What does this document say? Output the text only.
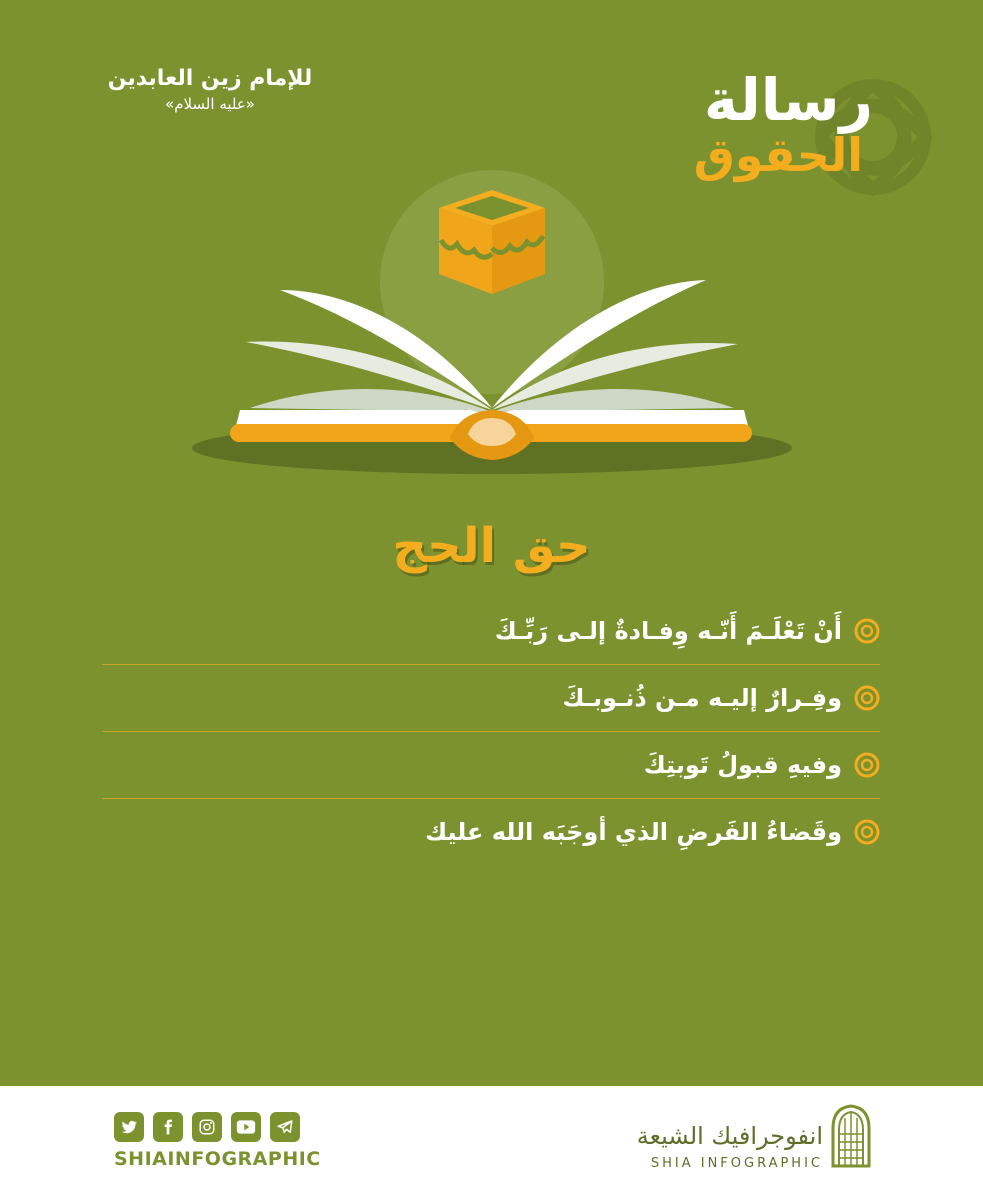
للإمام زين العابدين
«عليه السلام»	رسالة
الحقوق
حق الحج
أَنْ تَعْلَـمَ أَنّـه وِفـادةٌ إلـى رَبِّـكَ
وفِـرارٌ إليـه مـن ذُنـوبـكَ
وفيهِ قبولُ تَوبتِكَ
وقَضاءُ الفَرضِ الذي أوجَبَه الله عليك
SHIAINFOGRAPHIC
انفوجرافيك الشيعة
SHIA INFOGRAPHIC
